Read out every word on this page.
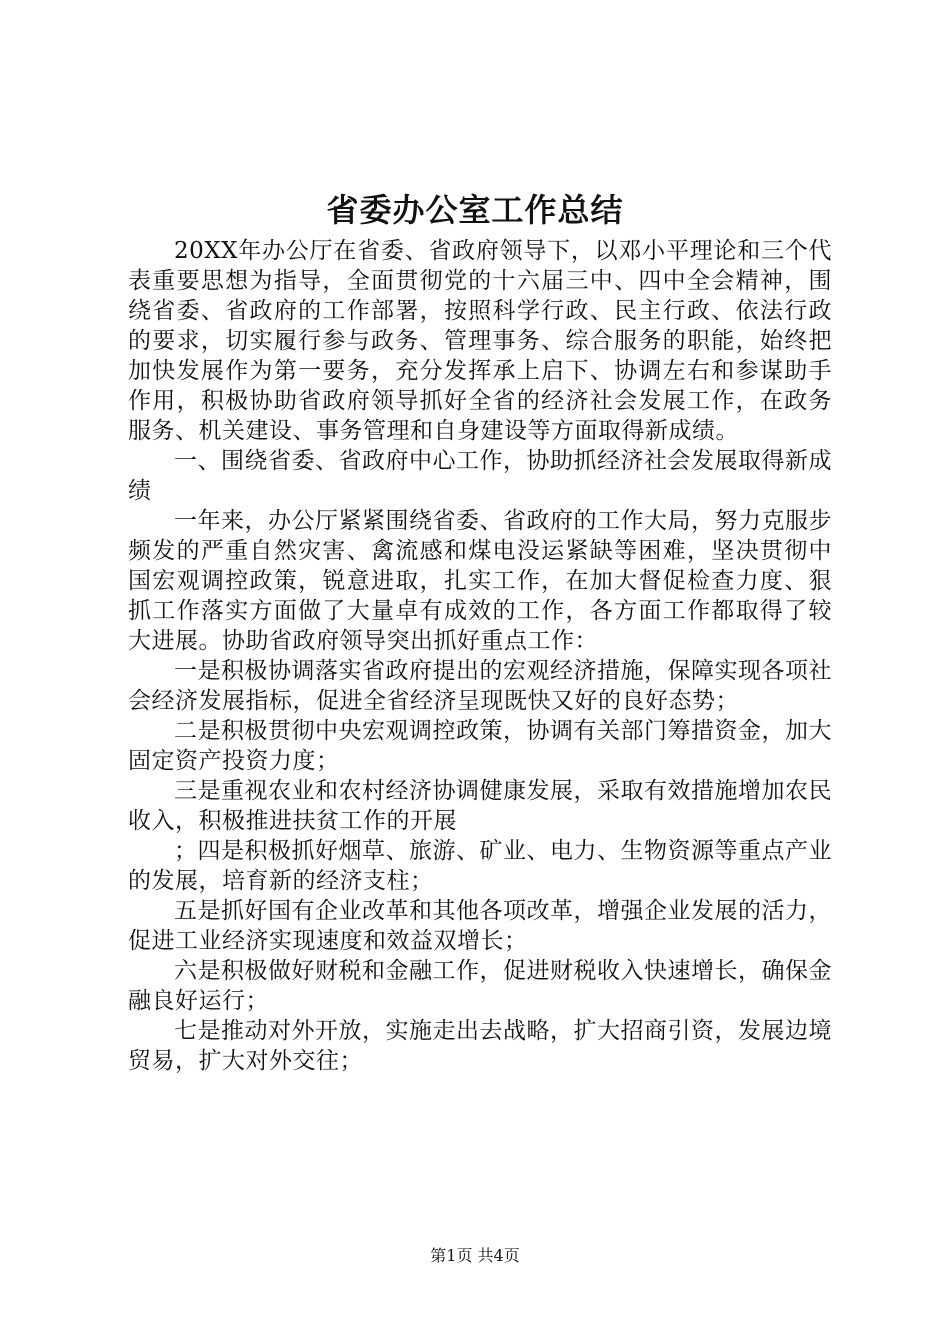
省委办公室工作总结

20XX年办公厅在省委、省政府领导下，以邓小平理论和三个代表重要思想为指导，全面贯彻党的十六届三中、四中全会精神，围绕省委、省政府的工作部署，按照科学行政、民主行政、依法行政的要求，切实履行参与政务、管理事务、综合服务的职能，始终把加快发展作为第一要务，充分发挥承上启下、协调左右和参谋助手作用，积极协助省政府领导抓好全省的经济社会发展工作，在政务服务、机关建设、事务管理和自身建设等方面取得新成绩。

一、围绕省委、省政府中心工作，协助抓经济社会发展取得新成绩

一年来，办公厅紧紧围绕省委、省政府的工作大局，努力克服步频发的严重自然灾害、禽流感和煤电没运紧缺等困难，坚决贯彻中国宏观调控政策，锐意进取，扎实工作，在加大督促检查力度、狠抓工作落实方面做了大量卓有成效的工作，各方面工作都取得了较大进展。协助省政府领导突出抓好重点工作：

一是积极协调落实省政府提出的宏观经济措施，保障实现各项社会经济发展指标，促进全省经济呈现既快又好的良好态势；

二是积极贯彻中央宏观调控政策，协调有关部门筹措资金，加大固定资产投资力度；

三是重视农业和农村经济协调健康发展，采取有效措施增加农民收入，积极推进扶贫工作的开展

；四是积极抓好烟草、旅游、矿业、电力、生物资源等重点产业的发展，培育新的经济支柱；

五是抓好国有企业改革和其他各项改革，增强企业发展的活力，促进工业经济实现速度和效益双增长；

六是积极做好财税和金融工作，促进财税收入快速增长，确保金融良好运行；

七是推动对外开放，实施走出去战略，扩大招商引资，发展边境贸易，扩大对外交往；

第1页 共4页
